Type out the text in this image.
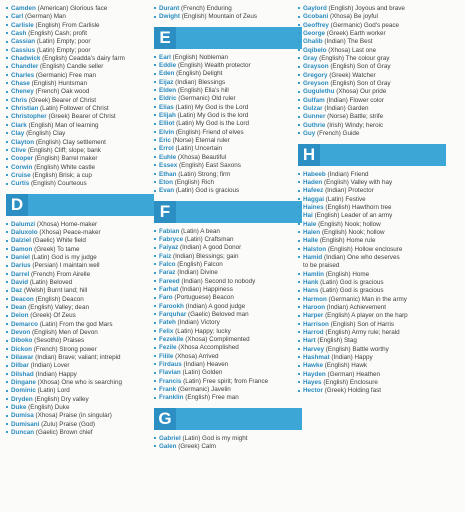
Camden (American) Glorious face
Carl (German) Man
Carlisle (English) From Carlisle
Cash (English) Cash; profit
Cassian (Latin) Empty; poor
Cassius (Latin) Empty; poor
Chadwick (English) Ceadda's dairy farm
Chandler (English) Candle seller
Charles (Germanic) Free man
Chase (English) Huntsman
Cheney (French) Oak wood
Chris (Greek) Bearer of Christ
Christian (Latin) Follower of Christ
Christopher (Greek) Bearer of Christ
Clark (English) Man of learning
Clay (English) Clay
Clayton (English) Clay settlement
Clive (English) Cliff; slope; bank
Cooper (English) Barrel maker
Corwin (English) White castle
Cruise (English) Brisk; a cup
Curtis (English) Courteous
D
Dalumzi (Xhosa) Home-maker
Daluxolo (Xhosa) Peace-maker
Dalziel (Gaelic) White field
Damon (Greek) To tame
Daniel (Latin) God is my judge
Darius (Persian) I maintain well
Darrel (French) From Airelle
David (Latin) Beloved
Daz (Welsh) Burnt land; hill
Deacon (English) Deacon
Dean (English) Valley; dean
Deion (Greek) Of Zeus
Demarco (Latin) From the god Mars
Devon (English) Men of Devon
Diboko (Sesotho) Praises
Dickon (French) Strong power
Dilawar (Indian) Brave; valiant; intrepid
Dilbar (Indian) Lover
Dilshad (Indian) Happy
Dingane (Xhosa) One who is searching
Dominic (Latin) Lord
Dryden (English) Dry valley
Duke (English) Duke
Dumisa (Xhosa) Praise (in singular)
Dumisani (Zulu) Praise (God)
Duncan (Gaelic) Brown chief
Durant (French) Enduring
Dwight (English) Mountain of Zeus
E
Earl (English) Nobleman
Eddie (English) Wealth protector
Eden (English) Delight
Eijaz (Indian) Blessings
Elden (English) Ella's hill
Eldric (Germanic) Old ruler
Elias (Latin) My God is the Lord
Elijah (Latin) My God is the lord
Elliot (Latin) My God is the Lord
Elvin (English) Friend of elves
Eric (Norse) Eternal ruler
Errol (Latin) Uncertain
Euhle (Xhosa) Beautiful
Essex (English) East Saxons
Ethan (Latin) Strong; firm
Eton (English) Rich
Evan (Latin) God is gracious
F
Fabian (Latin) A bean
Fabryce (Latin) Craftsman
Faiyaz (Indian) A good Donor
Faiz (Indian) Blessings; gain
Falco (English) Falcon
Faraz (Indian) Divine
Fareed (Indian) Second to nobody
Farhat (Indian) Happiness
Faro (Portuguese) Beacon
Farookh (Indian) A good judge
Farquhar (Gaelic) Beloved man
Fateh (Indian) Victory
Felix (Latin) Happy; lucky
Fezekile (Xhosa) Complimented
Fezile (Xhosa Accomplished
Filile (Xhosa) Arrived
Firdaus (Indian) Heaven
Flavian (Latin) Golden
Francis (Latin) Free spirit; from France
Frank (Germanic) Javelin
Franklin (English) Free man
G
Gabriel (Latin) God is my might
Galen (Greek) Calm
Gaylord (English) Joyous and brave
Gcobani (Xhosa) Be joyful
Geoffrey (Germanic) God's peace
George (Greek) Earth worker
Ghalib (Indian) The Best
Gqibelo (Xhosa) Last one
Gray (English) The colour gray
Grayson (English) Son of Gray
Gregory (Greek) Watcher
Greyson (English) Son of Gray
Gugulethu (Xhosa) Our pride
Gulfam (Indian) Flower color
Gulzar (Indian) Garden
Gunner (Norse) Battle; strife
Guthrie (Irish) Windy; heroic
Guy (French) Guide
H
Habeeb (Indian) Friend
Haden (English) Valley with hay
Hafeez (Indian) Protector
Haggai (Latin) Festive
Haines (English) Hawthorn tree
Hai (English) Leader of an army
Hale (English) Nook; hollow
Halen (English) Nook; hollow
Halle (English) Home rule
Halston (English) Hollow enclosure
Hamid (Indian) One who deserves
to be praised
Hamlin (English) Home
Hank (Latin) God is gracious
Hans (Latin) God is gracious
Harmon (Germanic) Man in the army
Haroon (Indian) Achievement
Harper (English) A player on the harp
Harrison (English) Son of Harris
Harrod (English) Army rule; herald
Hart (English) Stag
Harvey (English) Battle worthy
Hashmat (Indian) Happy
Hawke (English) Hawk
Hayden (German) Heathen
Hayes (English) Enclosure
Hector (Greek) Holding fast
